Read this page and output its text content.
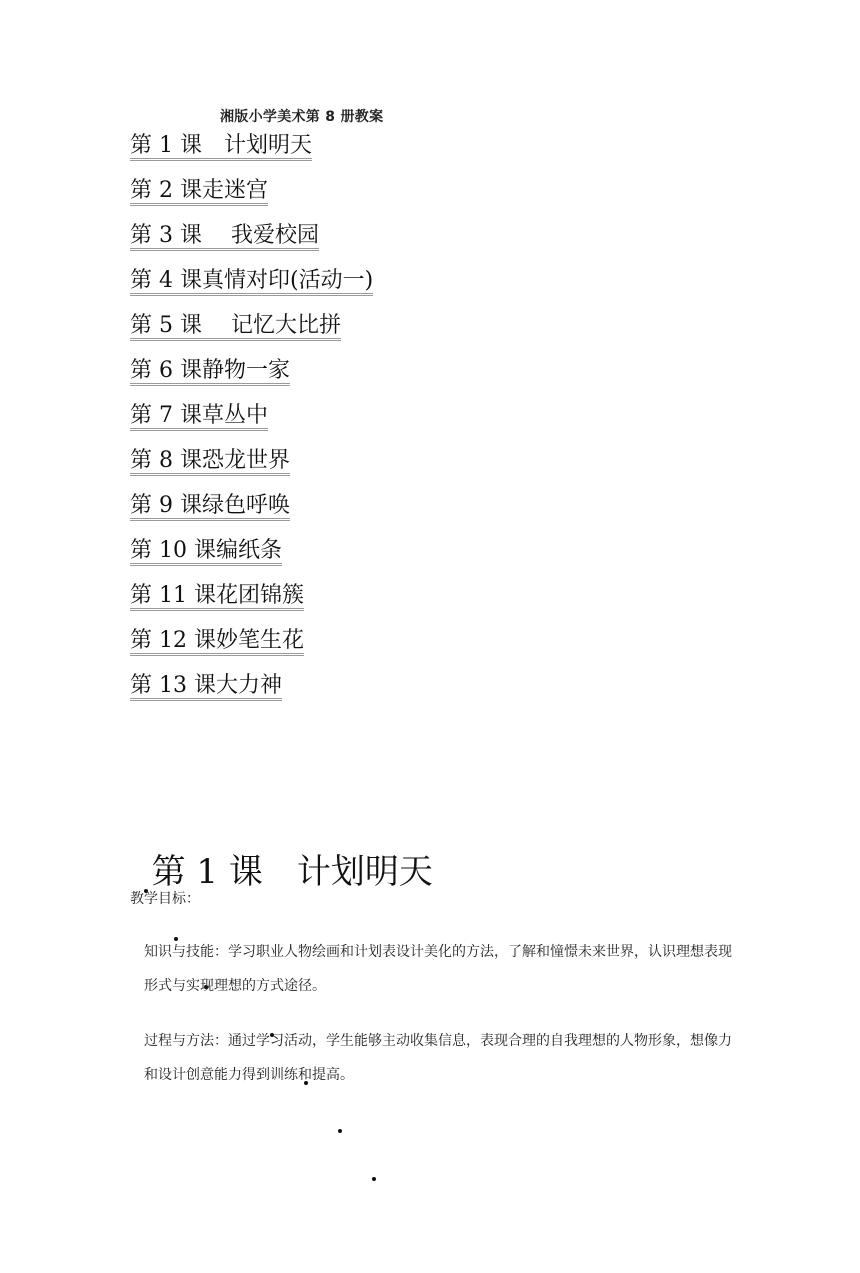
湘版小学美术第 8 册教案
第 1 课　计划明天
第 2 课走迷宫
第 3 课　 我爱校园
第 4 课真情对印(活动一)
第 5 课　 记忆大比拼
第 6 课静物一家
第 7 课草丛中
第 8 课恐龙世界
第 9 课绿色呼唤
第 10 课编纸条
第 11 课花团锦簇
第 12 课妙笔生花
第 13 课大力神

第 1 课　计划明天

教学目标：

知识与技能：学习职业人物绘画和计划表设计美化的方法，了解和憧憬未来世界，认识理想表现形式与实现理想的方式途径。

过程与方法：通过学习活动，学生能够主动收集信息，表现合理的自我理想的人物形象，想像力和设计创意能力得到训练和提高。
